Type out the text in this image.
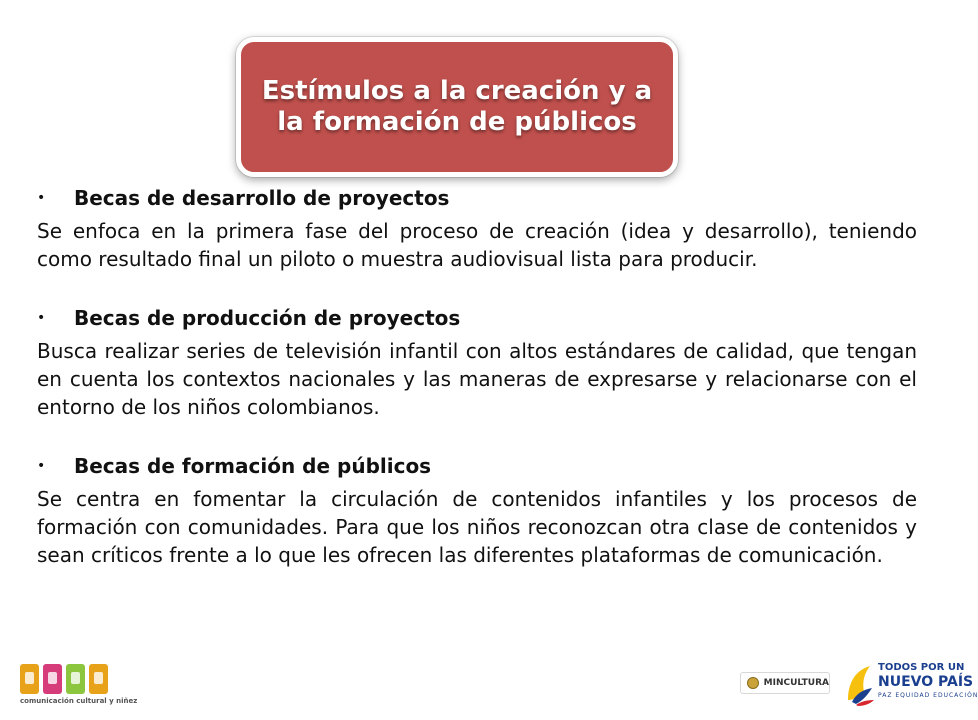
Estímulos a la creación y a la formación de públicos
•	Becas de desarrollo de proyectos

Se enfoca en la primera fase del proceso de creación (idea y desarrollo), teniendo como resultado final un piloto o muestra audiovisual lista para producir.

•	Becas de producción de proyectos

Busca realizar series de televisión infantil con altos estándares de calidad, que tengan en cuenta los contextos nacionales y las maneras de expresarse y relacionarse con el entorno de los niños colombianos.

•	Becas de formación de públicos

Se centra en fomentar la circulación de contenidos infantiles y los procesos de formación con comunidades. Para que los niños reconozcan otra clase de contenidos y sean críticos frente a lo que les ofrecen las diferentes plataformas de comunicación.

comunicación cultural y niñez
MINCULTURA
TODOS POR UN
NUEVO PAÍS
PAZ EQUIDAD EDUCACIÓN
